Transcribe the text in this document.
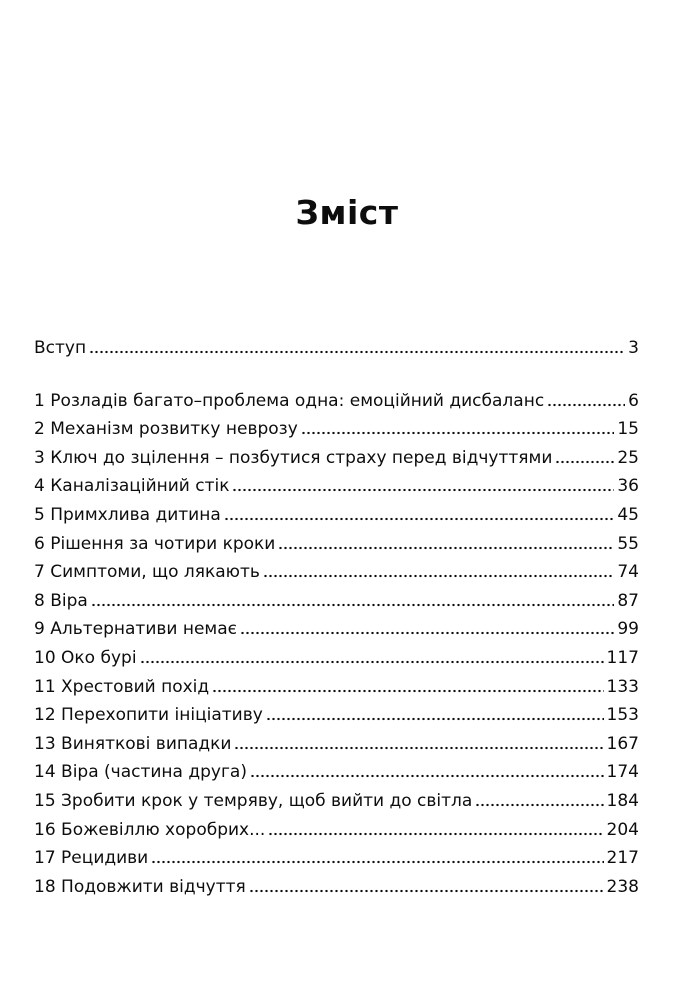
Зміст
Вступ	3
1 Розладів багато–проблема одна: емоційний дисбаланс	6
2 Механізм розвитку неврозу	15
3 Ключ до зцілення – позбутися страху перед відчуттями	25
4 Каналізаційний стік	36
5 Примхлива дитина	45
6 Рішення за чотири кроки	55
7 Симптоми, що лякають	74
8 Віра	87
9 Альтернативи немає	99
10 Око бурі	117
11 Хрестовий похід	133
12 Перехопити ініціативу	153
13 Виняткові випадки	167
14 Віра (частина друга)	174
15 Зробити крок у темряву, щоб вийти до світла	184
16 Божевіллю хоробрих...	204
17 Рецидиви	217
18 Подовжити відчуття	238
